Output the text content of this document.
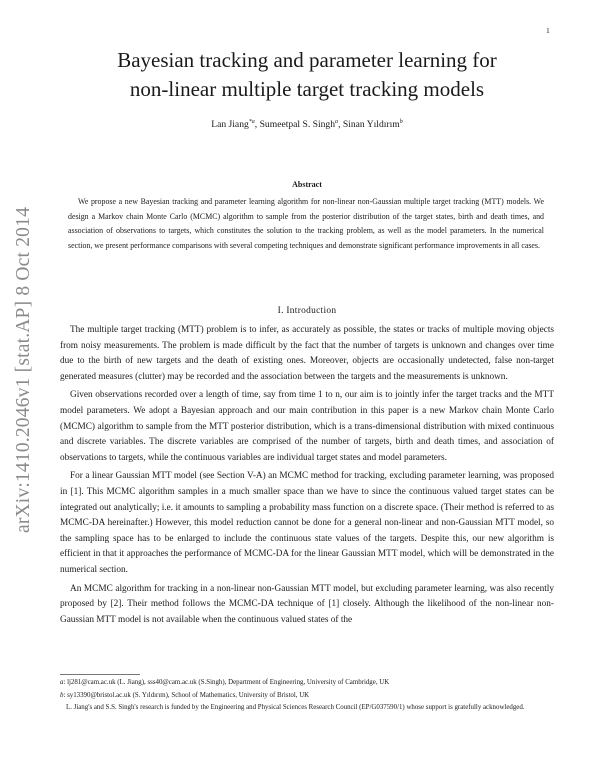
1
arXiv:1410.2046v1 [stat.AP] 8 Oct 2014
Bayesian tracking and parameter learning for
non-linear multiple target tracking models
Lan Jiang$^{*a}$, Sumeetpal S. Singh$^a$, Sinan Yıldırım$^b$
Abstract

We propose a new Bayesian tracking and parameter learning algorithm for non-linear non-Gaussian multiple target tracking (MTT) models. We design a Markov chain Monte Carlo (MCMC) algorithm to sample from the posterior distribution of the target states, birth and death times, and association of observations to targets, which constitutes the solution to the tracking problem, as well as the model parameters. In the numerical section, we present performance comparisons with several competing techniques and demonstrate significant performance improvements in all cases.

I. Introduction

The multiple target tracking (MTT) problem is to infer, as accurately as possible, the states or tracks of multiple moving objects from noisy measurements. The problem is made difficult by the fact that the number of targets is unknown and changes over time due to the birth of new targets and the death of existing ones. Moreover, objects are occasionally undetected, false non-target generated measures (clutter) may be recorded and the association between the targets and the measurements is unknown.

Given observations recorded over a length of time, say from time 1 to n, our aim is to jointly infer the target tracks and the MTT model parameters. We adopt a Bayesian approach and our main contribution in this paper is a new Markov chain Monte Carlo (MCMC) algorithm to sample from the MTT posterior distribution, which is a trans-dimensional distribution with mixed continuous and discrete variables. The discrete variables are comprised of the number of targets, birth and death times, and association of observations to targets, while the continuous variables are individual target states and model parameters.

For a linear Gaussian MTT model (see Section V-A) an MCMC method for tracking, excluding parameter learning, was proposed in [1]. This MCMC algorithm samples in a much smaller space than we have to since the continuous valued target states can be integrated out analytically; i.e. it amounts to sampling a probability mass function on a discrete space. (Their method is referred to as MCMC-DA hereinafter.) However, this model reduction cannot be done for a general non-linear and non-Gaussian MTT model, so the sampling space has to be enlarged to include the continuous state values of the targets. Despite this, our new algorithm is efficient in that it approaches the performance of MCMC-DA for the linear Gaussian MTT model, which will be demonstrated in the numerical section.

An MCMC algorithm for tracking in a non-linear non-Gaussian MTT model, but excluding parameter learning, was also recently proposed by [2]. Their method follows the MCMC-DA technique of [1] closely. Although the likelihood of the non-linear non-Gaussian MTT model is not available when the continuous valued states of the

a: lj281@cam.ac.uk (L. Jiang), sss40@cam.ac.uk (S.Singh), Department of Engineering, University of Cambridge, UK

b: sy13390@bristol.ac.uk (S. Yıldırım), School of Mathematics, University of Bristol, UK

L. Jiang's and S.S. Singh's research is funded by the Engineering and Physical Sciences Research Council (EP/G037590/1) whose support is gratefully acknowledged.
